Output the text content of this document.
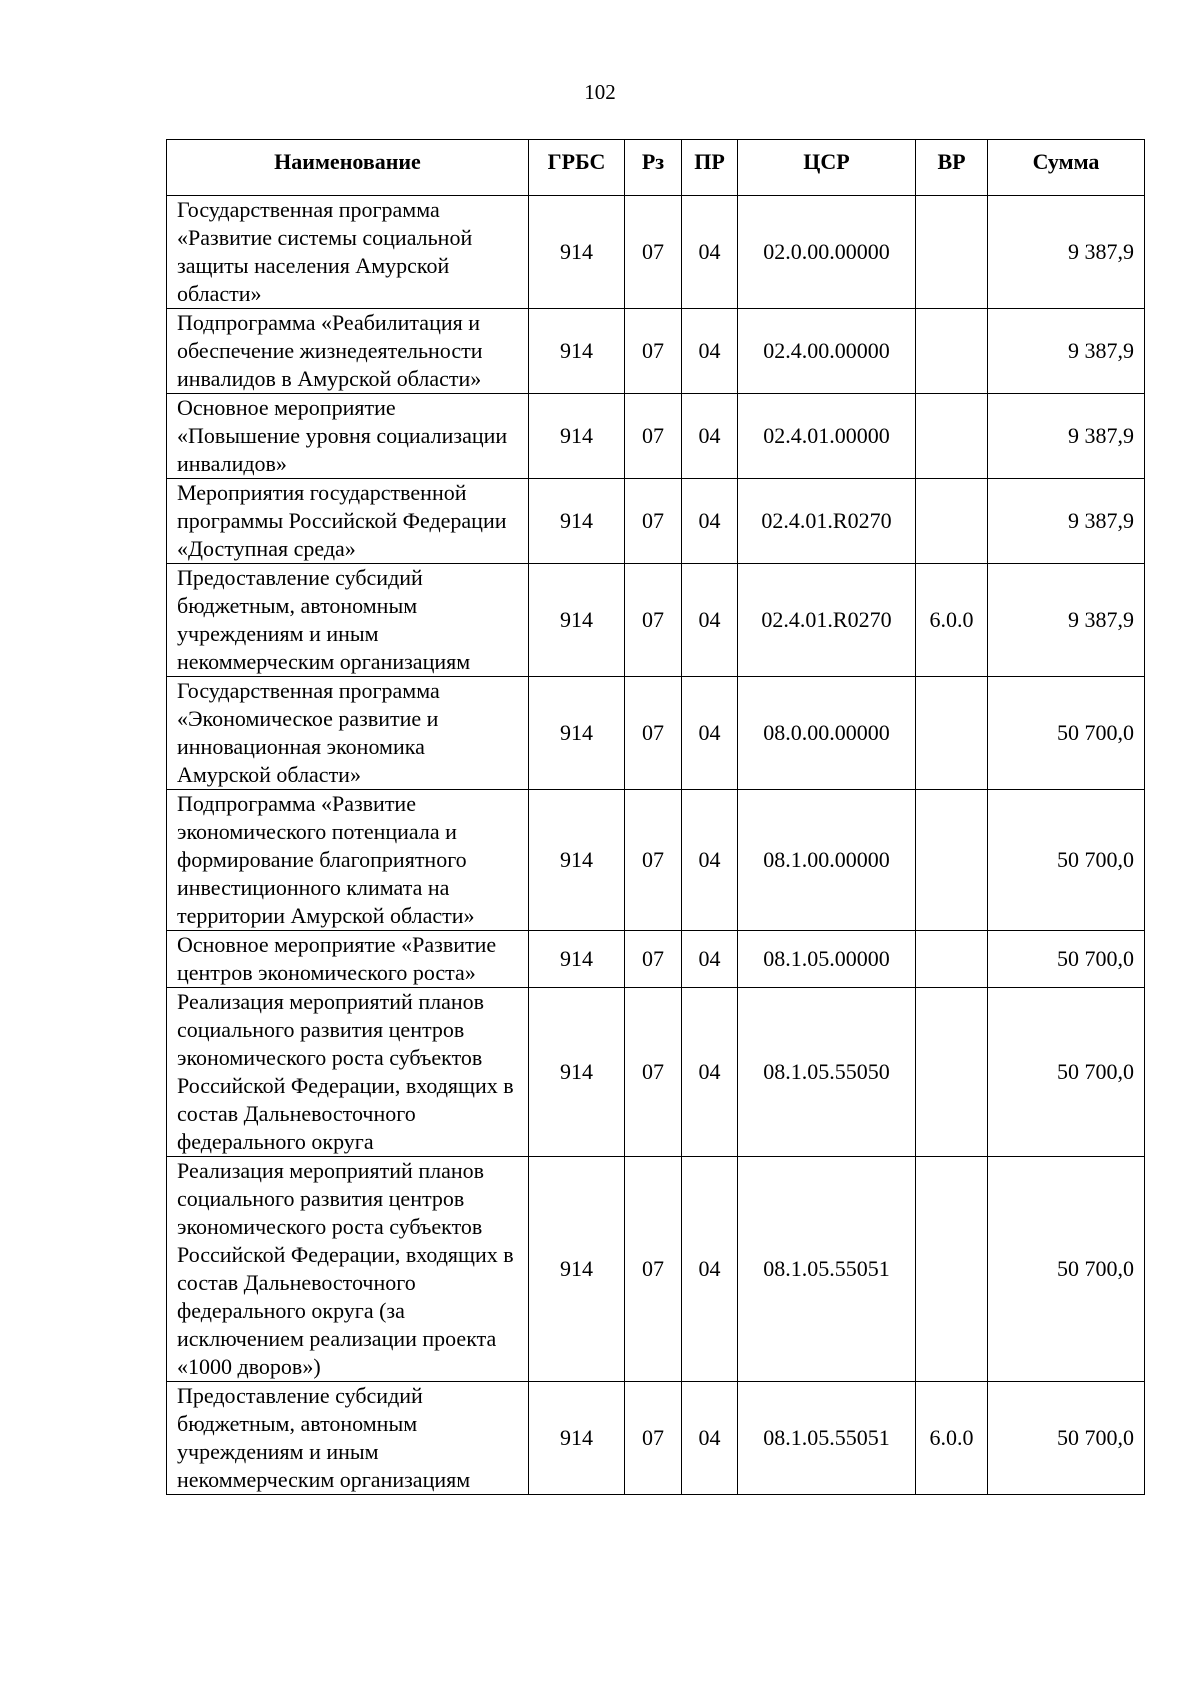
102
Наименование	ГРБС	Рз	ПР	ЦСР	ВР	Сумма
Государственная программа «Развитие системы социальной защиты населения Амурской области»	914	07	04	02.0.00.00000		9 387,9
Подпрограмма «Реабилитация и обеспечение жизнедеятельности инвалидов в Амурской области»	914	07	04	02.4.00.00000		9 387,9
Основное мероприятие «Повышение уровня социализации инвалидов»	914	07	04	02.4.01.00000		9 387,9
Мероприятия государственной программы Российской Федерации «Доступная среда»	914	07	04	02.4.01.R0270		9 387,9
Предоставление субсидий бюджетным, автономным учреждениям и иным некоммерческим организациям	914	07	04	02.4.01.R0270	6.0.0	9 387,9
Государственная программа «Экономическое развитие и инновационная экономика Амурской области»	914	07	04	08.0.00.00000		50 700,0
Подпрограмма «Развитие экономического потенциала и формирование благоприятного инвестиционного климата на территории Амурской области»	914	07	04	08.1.00.00000		50 700,0
Основное мероприятие «Развитие центров экономического роста»	914	07	04	08.1.05.00000		50 700,0
Реализация мероприятий планов социального развития центров экономического роста субъектов Российской Федерации, входящих в состав Дальневосточного федерального округа	914	07	04	08.1.05.55050		50 700,0
Реализация мероприятий планов социального развития центров экономического роста субъектов Российской Федерации, входящих в состав Дальневосточного федерального округа (за исключением реализации проекта «1000 дворов»)	914	07	04	08.1.05.55051		50 700,0
Предоставление субсидий бюджетным, автономным учреждениям и иным некоммерческим организациям	914	07	04	08.1.05.55051	6.0.0	50 700,0
